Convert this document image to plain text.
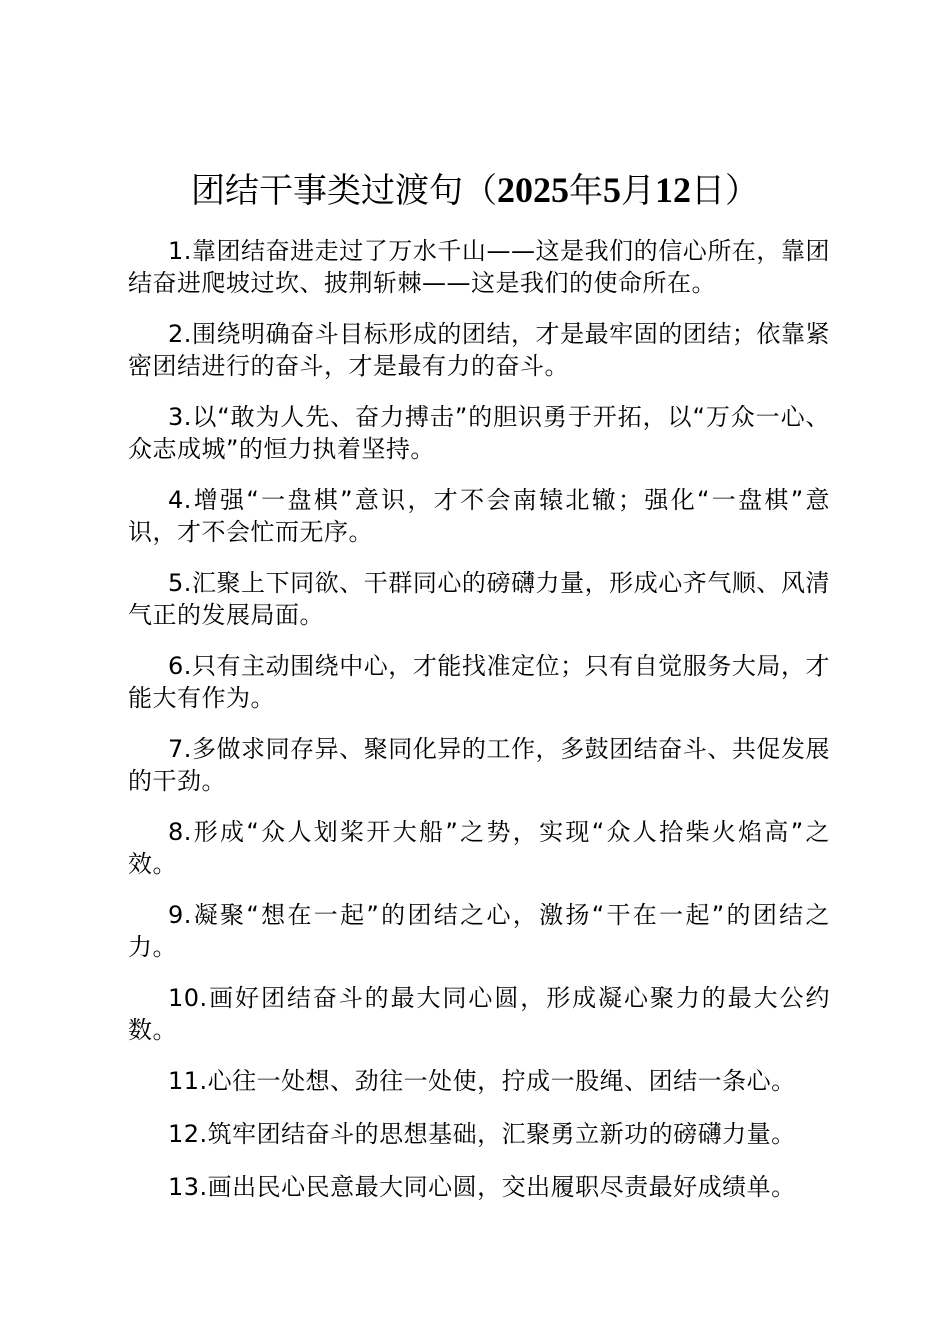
团结干事类过渡句（2025年5月12日）

1.靠团结奋进走过了万水千山——这是我们的信心所在，靠团结奋进爬坡过坎、披荆斩棘——这是我们的使命所在。

2.围绕明确奋斗目标形成的团结，才是最牢固的团结；依靠紧密团结进行的奋斗，才是最有力的奋斗。

3.以“敢为人先、奋力搏击”的胆识勇于开拓，以“万众一心、众志成城”的恒力执着坚持。

4.增强“一盘棋”意识，才不会南辕北辙；强化“一盘棋”意识，才不会忙而无序。

5.汇聚上下同欲、干群同心的磅礴力量，形成心齐气顺、风清气正的发展局面。

6.只有主动围绕中心，才能找准定位；只有自觉服务大局，才能大有作为。

7.多做求同存异、聚同化异的工作，多鼓团结奋斗、共促发展的干劲。

8.形成“众人划桨开大船”之势，实现“众人拾柴火焰高”之效。

9.凝聚“想在一起”的团结之心，激扬“干在一起”的团结之力。

10.画好团结奋斗的最大同心圆，形成凝心聚力的最大公约数。

11.心往一处想、劲往一处使，拧成一股绳、团结一条心。

12.筑牢团结奋斗的思想基础，汇聚勇立新功的磅礴力量。

13.画出民心民意最大同心圆，交出履职尽责最好成绩单。
